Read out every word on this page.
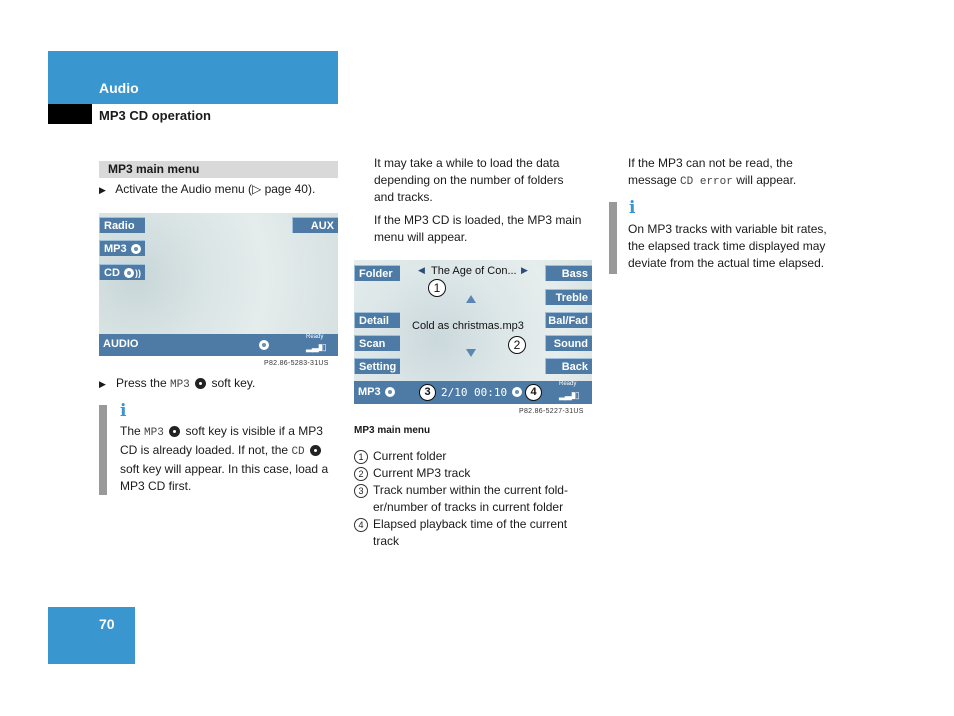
Audio
MP3 CD operation
MP3 main menu
▶ Activate the Audio menu (▷ page 40).
Radio
MP3
CD ))
AUX
AUDIO
Ready
▂▃▮▯
P82.86-5283-31US
▶ Press the MP3 soft key.
i
The MP3 soft key is visible if a MP3
CD is already loaded. If not, the CD
soft key will appear. In this case, load a
MP3 CD first.
It may take a while to load the data
depending on the number of folders
and tracks.
If the MP3 CD is loaded, the MP3 main
menu will appear.
Folder
Detail
Scan
Setting
Bass
Treble
Bal/Fad
Sound
Back
◀ The Age of Con... ▶
1
Cold as christmas.mp3
2
MP3	3 2/10 00:10	4
Ready
▂▃▮▯
P82.86-5227-31US
MP3 main menu
1 Current folder
2 Current MP3 track
3 Track number within the current fold-
er/number of tracks in current folder
4 Elapsed playback time of the current
track
If the MP3 can not be read, the
message CD error will appear.
i
On MP3 tracks with variable bit rates,
the elapsed track time displayed may
deviate from the actual time elapsed.
70
